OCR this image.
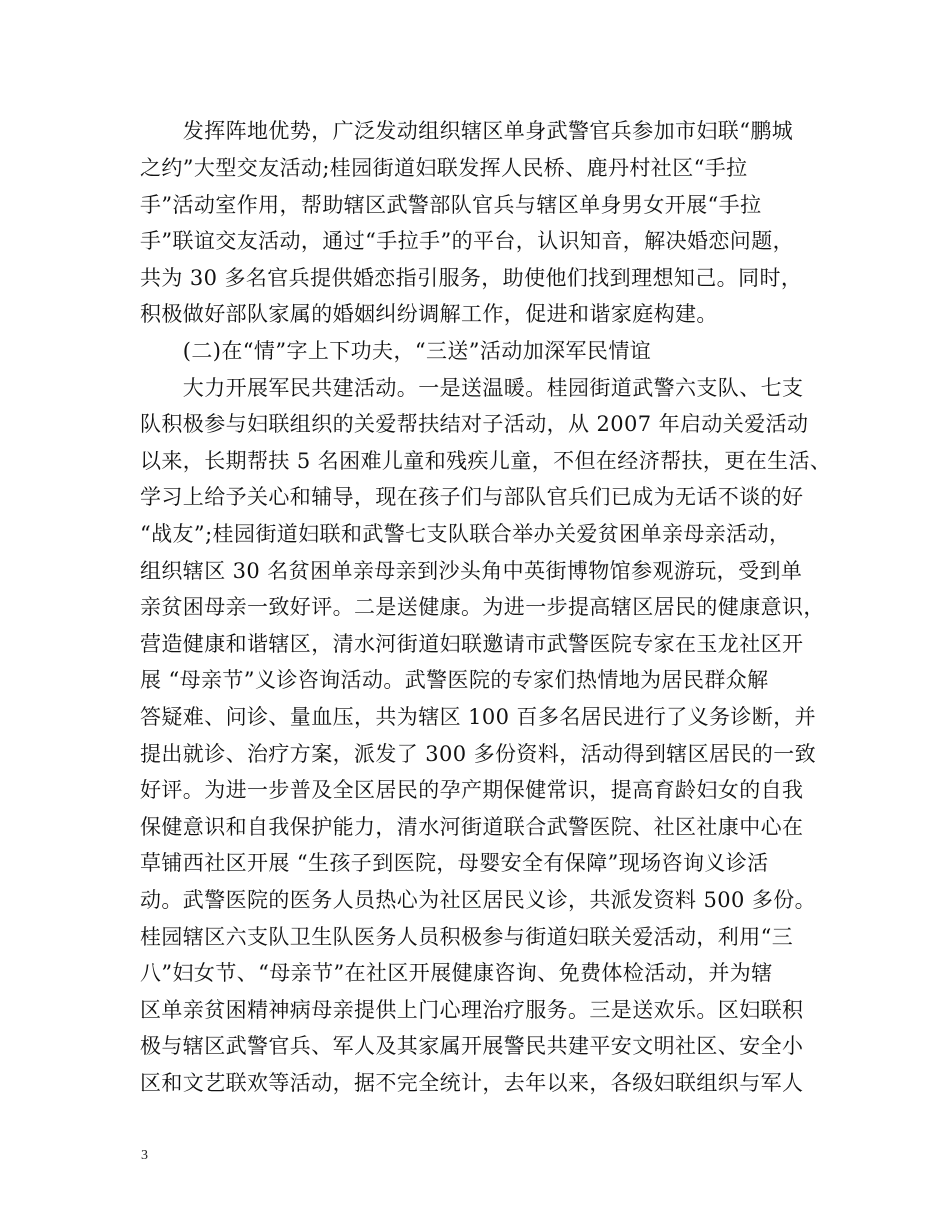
　　发挥阵地优势，广泛发动组织辖区单身武警官兵参加市妇联“鹏城
之约”大型交友活动;桂园街道妇联发挥人民桥、鹿丹村社区“手拉
手”活动室作用，帮助辖区武警部队官兵与辖区单身男女开展“手拉
手”联谊交友活动，通过“手拉手”的平台，认识知音，解决婚恋问题，
共为 30 多名官兵提供婚恋指引服务，助使他们找到理想知己。同时，
积极做好部队家属的婚姻纠纷调解工作，促进和谐家庭构建。
　　(二)在“情”字上下功夫，“三送”活动加深军民情谊
　　大力开展军民共建活动。一是送温暖。桂园街道武警六支队、七支
队积极参与妇联组织的关爱帮扶结对子活动，从 2007 年启动关爱活动
以来，长期帮扶 5 名困难儿童和残疾儿童，不但在经济帮扶，更在生活、
学习上给予关心和辅导，现在孩子们与部队官兵们已成为无话不谈的好
“战友”;桂园街道妇联和武警七支队联合举办关爱贫困单亲母亲活动，
组织辖区 30 名贫困单亲母亲到沙头角中英街博物馆参观游玩，受到单
亲贫困母亲一致好评。二是送健康。为进一步提高辖区居民的健康意识，
营造健康和谐辖区，清水河街道妇联邀请市武警医院专家在玉龙社区开
展 “母亲节”义诊咨询活动。武警医院的专家们热情地为居民群众解
答疑难、问诊、量血压，共为辖区 100 百多名居民进行了义务诊断，并
提出就诊、治疗方案，派发了 300 多份资料，活动得到辖区居民的一致
好评。为进一步普及全区居民的孕产期保健常识，提高育龄妇女的自我
保健意识和自我保护能力，清水河街道联合武警医院、社区社康中心在
草铺西社区开展 “生孩子到医院，母婴安全有保障”现场咨询义诊活
动。武警医院的医务人员热心为社区居民义诊，共派发资料 500 多份。
桂园辖区六支队卫生队医务人员积极参与街道妇联关爱活动，利用“三
八”妇女节、“母亲节”在社区开展健康咨询、免费体检活动，并为辖
区单亲贫困精神病母亲提供上门心理治疗服务。三是送欢乐。区妇联积
极与辖区武警官兵、军人及其家属开展警民共建平安文明社区、安全小
区和文艺联欢等活动，据不完全统计，去年以来，各级妇联组织与军人
3
